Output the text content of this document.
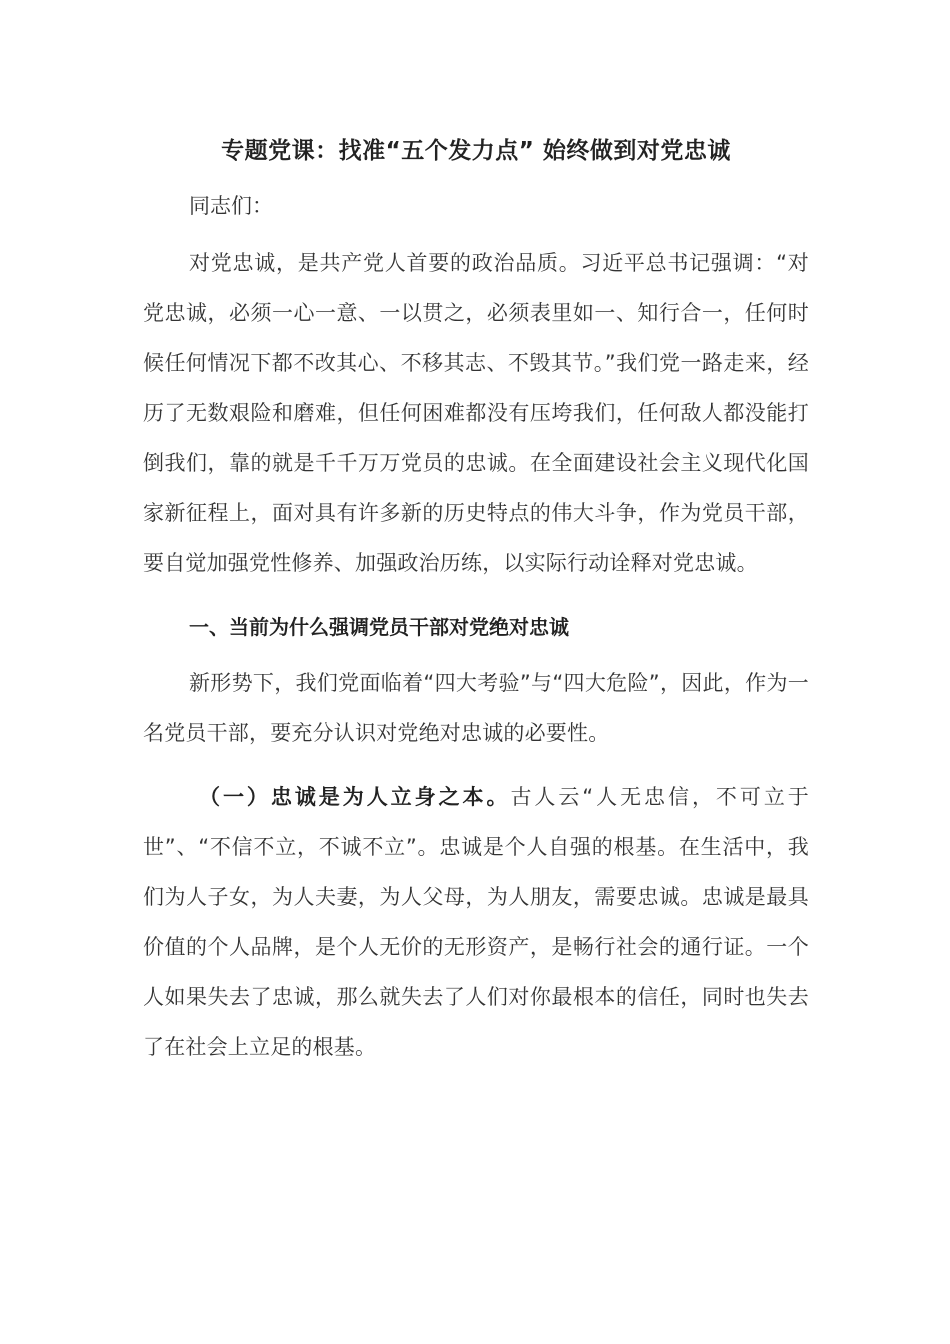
专题党课：找准“五个发力点” 始终做到对党忠诚

同志们：

对党忠诚，是共产党人首要的政治品质。习近平总书记强调：“对党忠诚，必须一心一意、一以贯之，必须表里如一、知行合一，任何时候任何情况下都不改其心、不移其志、不毁其节。”我们党一路走来，经历了无数艰险和磨难，但任何困难都没有压垮我们，任何敌人都没能打倒我们，靠的就是千千万万党员的忠诚。在全面建设社会主义现代化国家新征程上，面对具有许多新的历史特点的伟大斗争，作为党员干部，要自觉加强党性修养、加强政治历练，以实际行动诠释对党忠诚。

一、当前为什么强调党员干部对党绝对忠诚

新形势下，我们党面临着“四大考验”与“四大危险”，因此，作为一名党员干部，要充分认识对党绝对忠诚的必要性。

（一）忠诚是为人立身之本。古人云“人无忠信，不可立于世”、“不信不立，不诚不立”。忠诚是个人自强的根基。在生活中，我们为人子女，为人夫妻，为人父母，为人朋友，需要忠诚。忠诚是最具价值的个人品牌，是个人无价的无形资产，是畅行社会的通行证。一个人如果失去了忠诚，那么就失去了人们对你最根本的信任，同时也失去了在社会上立足的根基。
